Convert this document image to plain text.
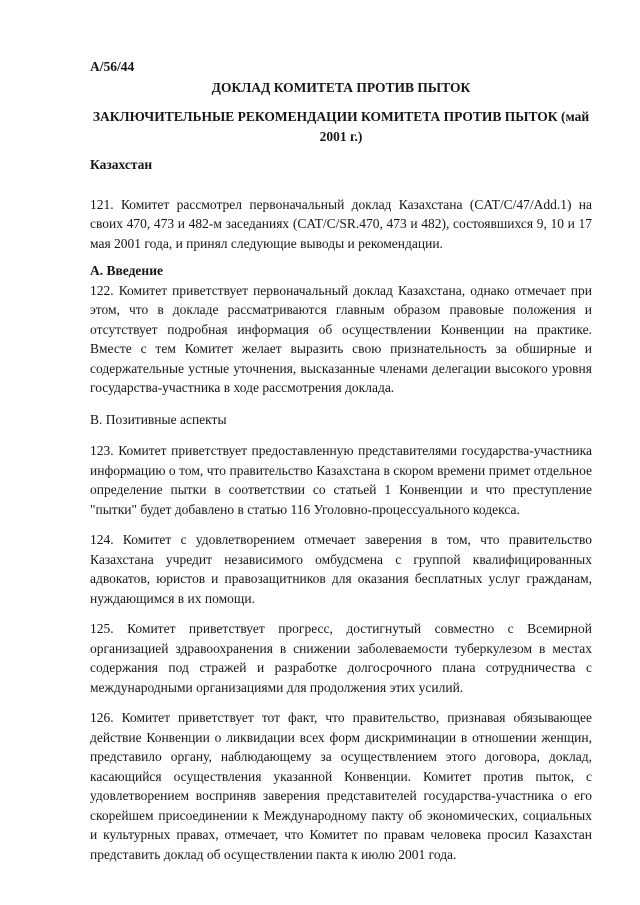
A/56/44
ДОКЛАД КОМИТЕТА ПРОТИВ ПЫТОК
ЗАКЛЮЧИТЕЛЬНЫЕ РЕКОМЕНДАЦИИ КОМИТЕТА ПРОТИВ ПЫТОК (май 2001 г.)
Казахстан

121. Комитет рассмотрел первоначальный доклад Казахстана (CAT/C/47/Add.1) на своих 470, 473 и 482-м заседаниях (CAT/C/SR.470, 473 и 482), состоявшихся 9, 10 и 17 мая 2001 года, и принял следующие выводы и рекомендации.

А. Введение

122. Комитет приветствует первоначальный доклад Казахстана, однако отмечает при этом, что в докладе рассматриваются главным образом правовые положения и отсутствует подробная информация об осуществлении Конвенции на практике. Вместе с тем Комитет желает выразить свою признательность за обширные и содержательные устные уточнения, высказанные членами делегации высокого уровня государства-участника в ходе рассмотрения доклада.

В. Позитивные аспекты

123. Комитет приветствует предоставленную представителями государства-участника информацию о том, что правительство Казахстана в скором времени примет отдельное определение пытки в соответствии со статьей 1 Конвенции и что преступление "пытки" будет добавлено в статью 116 Уголовно-процессуального кодекса.

124. Комитет с удовлетворением отмечает заверения в том, что правительство Казахстана учредит независимого омбудсмена с группой квалифицированных адвокатов, юристов и правозащитников для оказания бесплатных услуг гражданам, нуждающимся в их помощи.

125. Комитет приветствует прогресс, достигнутый совместно с Всемирной организацией здравоохранения в снижении заболеваемости туберкулезом в местах содержания под стражей и разработке долгосрочного плана сотрудничества с международными организациями для продолжения этих усилий.

126. Комитет приветствует тот факт, что правительство, признавая обязывающее действие Конвенции о ликвидации всех форм дискриминации в отношении женщин, представило органу, наблюдающему за осуществлением этого договора, доклад, касающийся осуществления указанной Конвенции. Комитет против пыток, с удовлетворением восприняв заверения представителей государства-участника о его скорейшем присоединении к Международному пакту об экономических, социальных и культурных правах, отмечает, что Комитет по правам человека просил Казахстан представить доклад об осуществлении пакта к июлю 2001 года.
